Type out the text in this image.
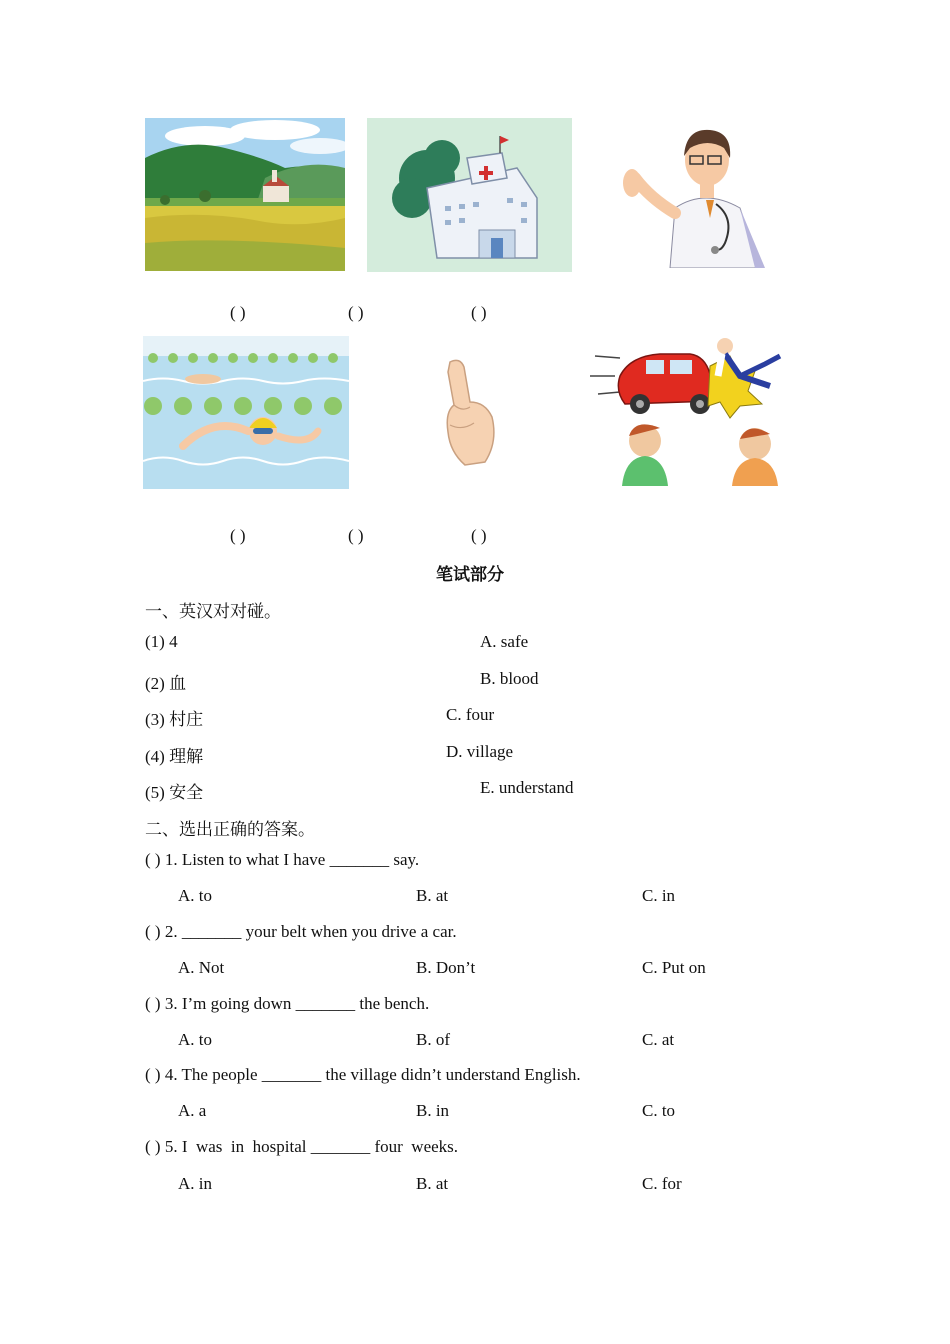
( )	( )	( )
( )	( )	( )
笔试部分
一、英汉对对碰。
(1) 4
(2) 血
(3) 村庄
(4) 理解
(5) 安全
A. safe
B. blood
C. four
D. village
E. understand
二、选出正确的答案。
( ) 1. Listen to what I have _______ say.
A. to	B. at	C. in
( ) 2. _______ your belt when you drive a car.
A. Not	B. Don’t	C. Put on
( ) 3. I’m going down _______ the bench.
A. to	B. of	C. at
( ) 4. The people _______ the village didn’t understand English.
A. a	B. in	C. to
( ) 5. I  was  in  hospital _______ four  weeks.
A. in	B. at	C. for
